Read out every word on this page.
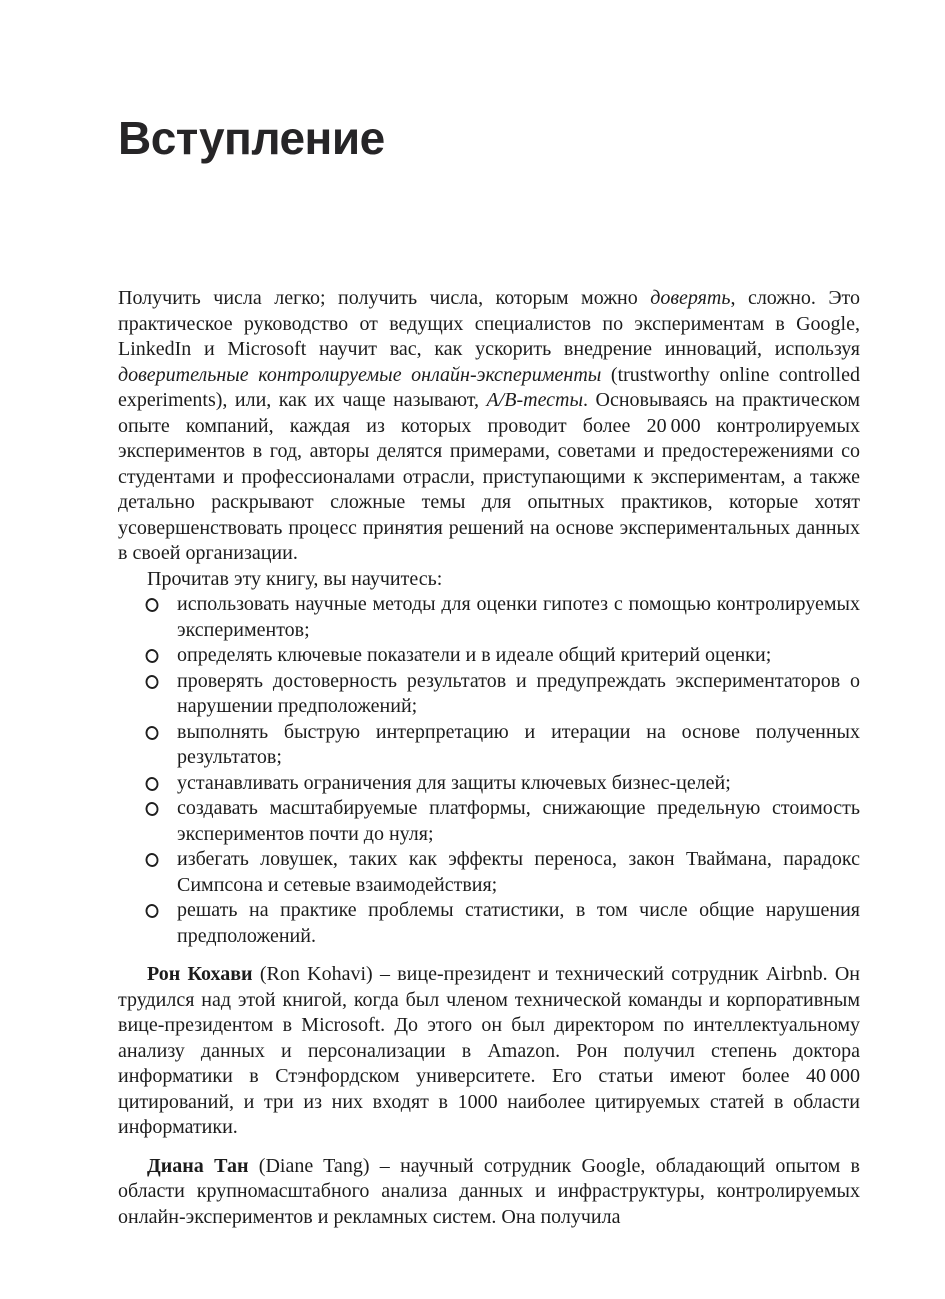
Вступление

Получить числа легко; получить числа, которым можно доверять, сложно. Это практическое руководство от ведущих специалистов по экспериментам в Google, LinkedIn и Microsoft научит вас, как ускорить внедрение инноваций, используя доверительные контролируемые онлайн-эксперименты (trustworthy online controlled experiments), или, как их чаще называют, А/В-тесты. Основываясь на практическом опыте компаний, каждая из которых проводит более 20 000 контролируемых экспериментов в год, авторы делятся примерами, советами и предостережениями со студентами и профессионалами отрасли, приступающими к экспериментам, а также детально раскрывают сложные темы для опытных практиков, которые хотят усовершенствовать процесс принятия решений на основе экспериментальных данных в своей организации.

Прочитав эту книгу, вы научитесь:

использовать научные методы для оценки гипотез с помощью контролируемых экспериментов;
определять ключевые показатели и в идеале общий критерий оценки;
проверять достоверность результатов и предупреждать экспериментаторов о нарушении предположений;
выполнять быструю интерпретацию и итерации на основе полученных результатов;
устанавливать ограничения для защиты ключевых бизнес-целей;
создавать масштабируемые платформы, снижающие предельную стоимость экспериментов почти до нуля;
избегать ловушек, таких как эффекты переноса, закон Тваймана, парадокс Симпсона и сетевые взаимодействия;
решать на практике проблемы статистики, в том числе общие нарушения предположений.

Рон Кохави (Ron Kohavi) – вице-президент и технический сотрудник Airbnb. Он трудился над этой книгой, когда был членом технической команды и корпоративным вице-президентом в Microsoft. До этого он был директором по интеллектуальному анализу данных и персонализации в Amazon. Рон получил степень доктора информатики в Стэнфордском университете. Его статьи имеют более 40 000 цитирований, и три из них входят в 1000 наиболее цитируемых статей в области информатики.

Диана Тан (Diane Tang) – научный сотрудник Google, обладающий опытом в области крупномасштабного анализа данных и инфраструктуры, контролируемых онлайн-экспериментов и рекламных систем. Она получила
